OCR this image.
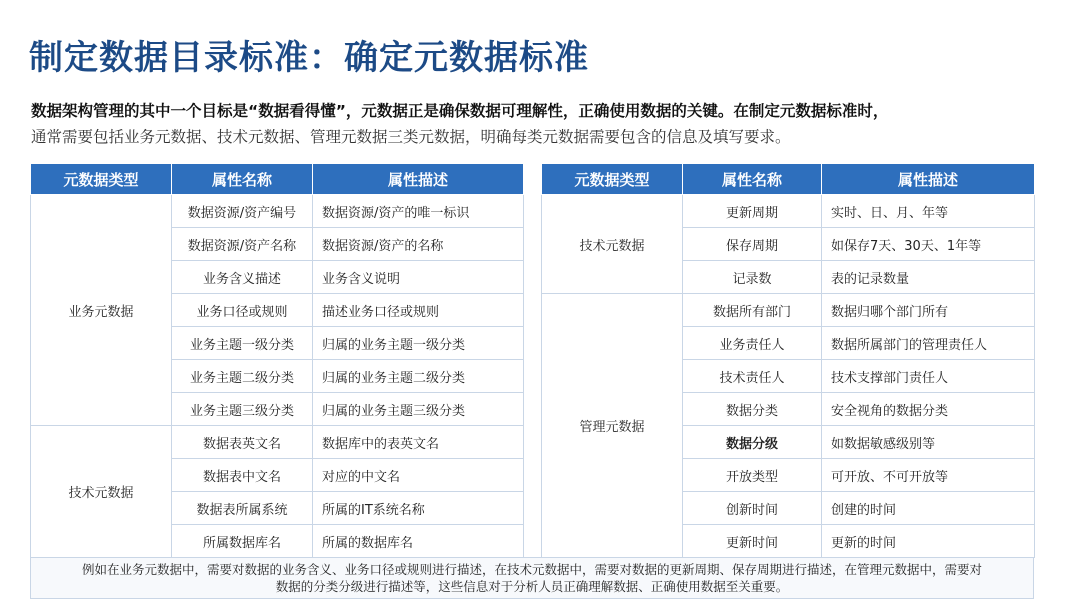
制定数据目录标准：确定元数据标准
数据架构管理的其中一个目标是“数据看得懂”，元数据正是确保数据可理解性，正确使用数据的关键。在制定元数据标准时，
通常需要包括业务元数据、技术元数据、管理元数据三类元数据，明确每类元数据需要包含的信息及填写要求。
元数据类型	属性名称	属性描述
业务元数据	数据资源/资产编号	数据资源/资产的唯一标识
	数据资源/资产名称	数据资源/资产的名称
	业务含义描述	业务含义说明
	业务口径或规则	描述业务口径或规则
	业务主题一级分类	归属的业务主题一级分类
	业务主题二级分类	归属的业务主题二级分类
	业务主题三级分类	归属的业务主题三级分类
技术元数据	数据表英文名	数据库中的表英文名
	数据表中文名	对应的中文名
	数据表所属系统	所属的IT系统名称
	所属数据库名	所属的数据库名
元数据类型	属性名称	属性描述
技术元数据	更新周期	实时、日、月、年等
	保存周期	如保存7天、30天、1年等
	记录数	表的记录数量
管理元数据	数据所有部门	数据归哪个部门所有
	业务责任人	数据所属部门的管理责任人
	技术责任人	技术支撑部门责任人
	数据分类	安全视角的数据分类
	数据分级	如数据敏感级别等
	开放类型	可开放、不可开放等
	创新时间	创建的时间
	更新时间	更新的时间
例如在业务元数据中，需要对数据的业务含义、业务口径或规则进行描述，在技术元数据中，需要对数据的更新周期、保存周期进行描述，在管理元数据中，需要对
数据的分类分级进行描述等，这些信息对于分析人员正确理解数据、正确使用数据至关重要。
